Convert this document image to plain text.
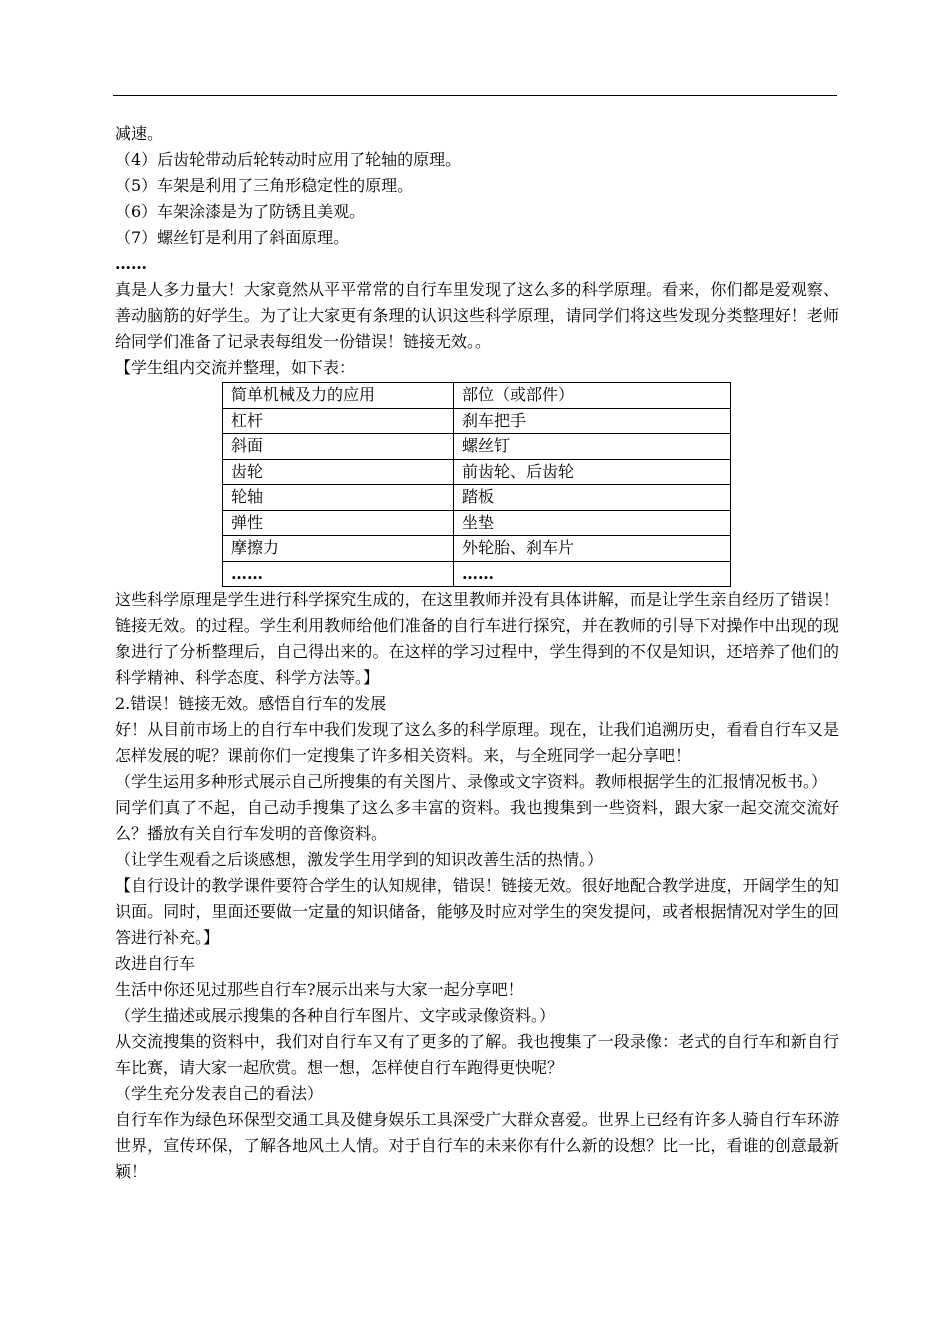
减速。

（4）后齿轮带动后轮转动时应用了轮轴的原理。

（5）车架是利用了三角形稳定性的原理。

（6）车架涂漆是为了防锈且美观。

（7）螺丝钉是利用了斜面原理。

……

真是人多力量大！大家竟然从平平常常的自行车里发现了这么多的科学原理。看来，你们都是爱观察、善动脑筋的好学生。为了让大家更有条理的认识这些科学原理，请同学们将这些发现分类整理好！老师给同学们准备了记录表每组发一份错误！链接无效。。

【学生组内交流并整理，如下表：

简单机械及力的应用	部位（或部件）
杠杆	刹车把手
斜面	螺丝钉
齿轮	前齿轮、后齿轮
轮轴	踏板
弹性	坐垫
摩擦力	外轮胎、刹车片
……	……

这些科学原理是学生进行科学探究生成的，在这里教师并没有具体讲解，而是让学生亲自经历了错误！链接无效。的过程。学生利用教师给他们准备的自行车进行探究，并在教师的引导下对操作中出现的现象进行了分析整理后，自己得出来的。在这样的学习过程中，学生得到的不仅是知识，还培养了他们的科学精神、科学态度、科学方法等。】

2.错误！链接无效。感悟自行车的发展

好！从目前市场上的自行车中我们发现了这么多的科学原理。现在，让我们追溯历史，看看自行车又是怎样发展的呢？课前你们一定搜集了许多相关资料。来，与全班同学一起分享吧！

（学生运用多种形式展示自己所搜集的有关图片、录像或文字资料。教师根据学生的汇报情况板书。）

同学们真了不起，自己动手搜集了这么多丰富的资料。我也搜集到一些资料，跟大家一起交流交流好么？播放有关自行车发明的音像资料。

（让学生观看之后谈感想，激发学生用学到的知识改善生活的热情。）

【自行设计的教学课件要符合学生的认知规律，错误！链接无效。很好地配合教学进度，开阔学生的知识面。同时，里面还要做一定量的知识储备，能够及时应对学生的突发提问，或者根据情况对学生的回答进行补充。】

改进自行车

生活中你还见过那些自行车?展示出来与大家一起分享吧！

（学生描述或展示搜集的各种自行车图片、文字或录像资料。）

从交流搜集的资料中，我们对自行车又有了更多的了解。我也搜集了一段录像：老式的自行车和新自行车比赛，请大家一起欣赏。想一想，怎样使自行车跑得更快呢？

（学生充分发表自己的看法）

自行车作为绿色环保型交通工具及健身娱乐工具深受广大群众喜爱。世界上已经有许多人骑自行车环游世界，宣传环保，了解各地风土人情。对于自行车的未来你有什么新的设想？比一比，看谁的创意最新颖！
